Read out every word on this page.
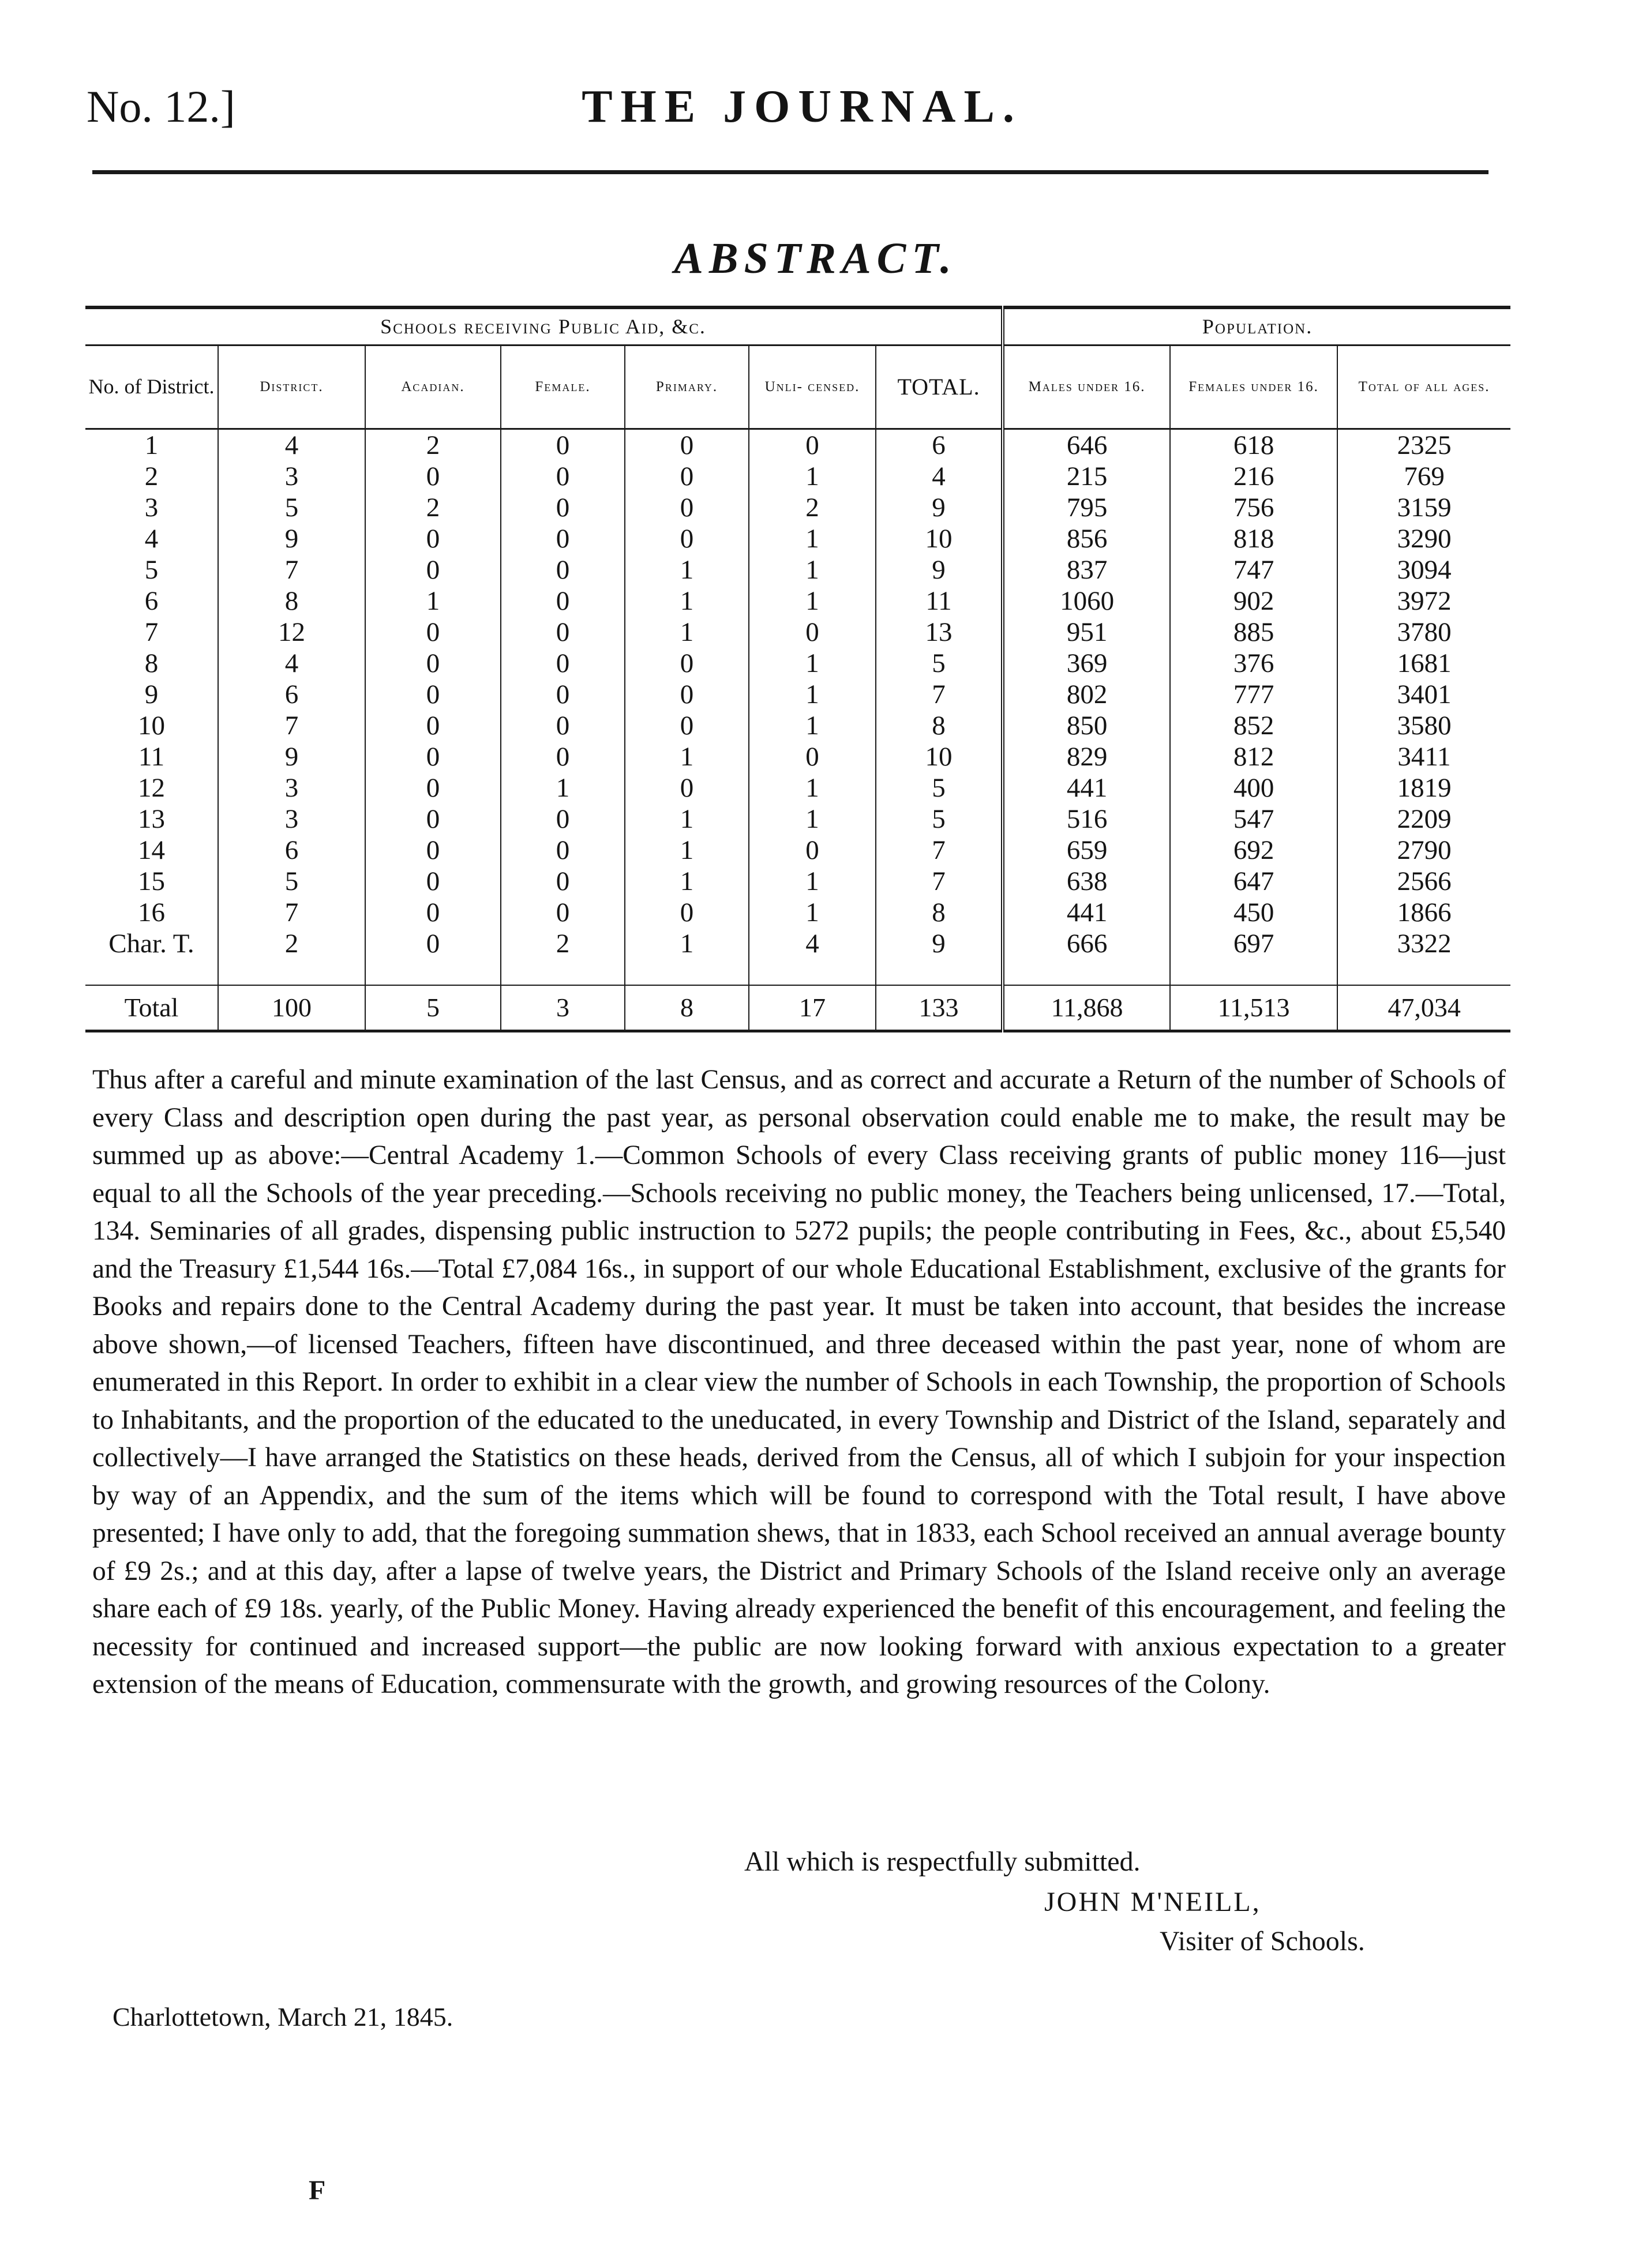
No. 12.]	THE JOURNAL.
ABSTRACT.
Schools receiving Public Aid, &c.							Population.		
No. of District.	District.	Acadian.	Female.	Primary.	Unli- censed.	TOTAL.	Males under 16.	Females under 16.	Total of all ages.
1	4	2	0	0	0	6	646	618	2325
2	3	0	0	0	1	4	215	216	769
3	5	2	0	0	2	9	795	756	3159
4	9	0	0	0	1	10	856	818	3290
5	7	0	0	1	1	9	837	747	3094
6	8	1	0	1	1	11	1060	902	3972
7	12	0	0	1	0	13	951	885	3780
8	4	0	0	0	1	5	369	376	1681
9	6	0	0	0	1	7	802	777	3401
10	7	0	0	0	1	8	850	852	3580
11	9	0	0	1	0	10	829	812	3411
12	3	0	1	0	1	5	441	400	1819
13	3	0	0	1	1	5	516	547	2209
14	6	0	0	1	0	7	659	692	2790
15	5	0	0	1	1	7	638	647	2566
16	7	0	0	0	1	8	441	450	1866
Char. T.	2	0	2	1	4	9	666	697	3322

Total	100	5	3	8	17	133	11,868	11,513	47,034
Thus after a careful and minute examination of the last Census, and as correct and accurate a Return of the number of Schools of every Class and description open during the past year, as personal observation could enable me to make, the result may be summed up as above:—Central Academy 1.—Common Schools of every Class receiving grants of public money 116—just equal to all the Schools of the year preceding.—Schools receiving no public money, the Teachers being unlicensed, 17.—Total, 134. Seminaries of all grades, dispensing public instruction to 5272 pupils; the people contributing in Fees, &c., about £5,540 and the Treasury £1,544 16s.—Total £7,084 16s., in support of our whole Educational Establishment, exclusive of the grants for Books and repairs done to the Central Academy during the past year. It must be taken into account, that besides the increase above shown,—of licensed Teachers, fifteen have discontinued, and three deceased within the past year, none of whom are enumerated in this Report. In order to exhibit in a clear view the number of Schools in each Township, the proportion of Schools to Inhabitants, and the proportion of the educated to the uneducated, in every Township and District of the Island, separately and collectively—I have arranged the Statistics on these heads, derived from the Census, all of which I subjoin for your inspection by way of an Appendix, and the sum of the items which will be found to correspond with the Total result, I have above presented; I have only to add, that the foregoing summation shews, that in 1833, each School received an annual average bounty of £9 2s.; and at this day, after a lapse of twelve years, the District and Primary Schools of the Island receive only an average share each of £9 18s. yearly, of the Public Money. Having already experienced the benefit of this encouragement, and feeling the necessity for continued and increased support—the public are now looking forward with anxious expectation to a greater extension of the means of Education, commensurate with the growth, and growing resources of the Colony.
All which is respectfully submitted.
JOHN M'NEILL,
Visiter of Schools.
Charlottetown, March 21, 1845.
F
